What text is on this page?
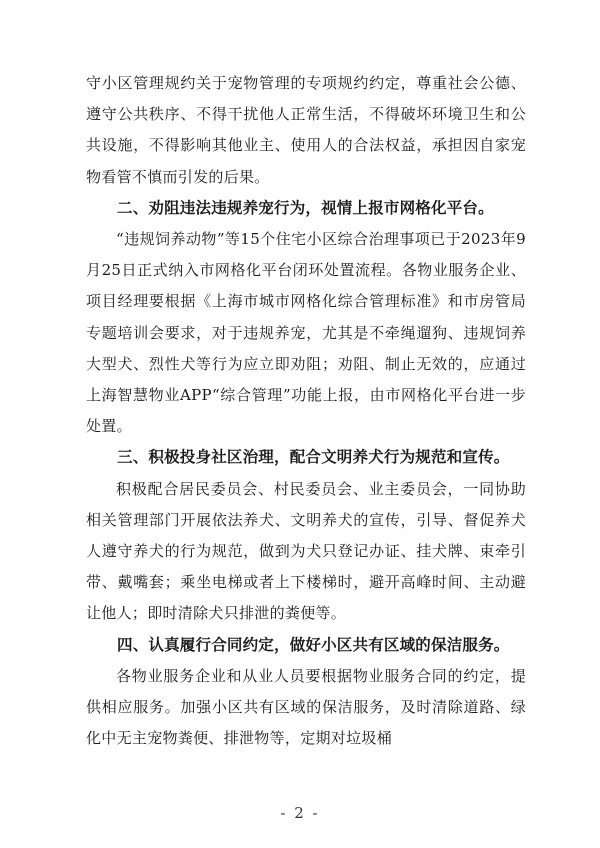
守小区管理规约关于宠物管理的专项规约约定，尊重社会公德、遵守公共秩序、不得干扰他人正常生活，不得破坏环境卫生和公共设施，不得影响其他业主、使用人的合法权益，承担因自家宠物看管不慎而引发的后果。

二、劝阻违法违规养宠行为，视情上报市网格化平台。

“违规饲养动物”等15个住宅小区综合治理事项已于2023年9月25日正式纳入市网格化平台闭环处置流程。各物业服务企业、项目经理要根据《上海市城市网格化综合管理标准》和市房管局专题培训会要求，对于违规养宠，尤其是不牵绳遛狗、违规饲养大型犬、烈性犬等行为应立即劝阻；劝阻、制止无效的，应通过上海智慧物业APP“综合管理”功能上报，由市网格化平台进一步处置。

三、积极投身社区治理，配合文明养犬行为规范和宣传。

积极配合居民委员会、村民委员会、业主委员会，一同协助相关管理部门开展依法养犬、文明养犬的宣传，引导、督促养犬人遵守养犬的行为规范，做到为犬只登记办证、挂犬牌、束牵引带、戴嘴套；乘坐电梯或者上下楼梯时，避开高峰时间、主动避让他人；即时清除犬只排泄的粪便等。

四、认真履行合同约定，做好小区共有区域的保洁服务。

各物业服务企业和从业人员要根据物业服务合同的约定，提供相应服务。加强小区共有区域的保洁服务，及时清除道路、绿化中无主宠物粪便、排泄物等，定期对垃圾桶

- 2 -
